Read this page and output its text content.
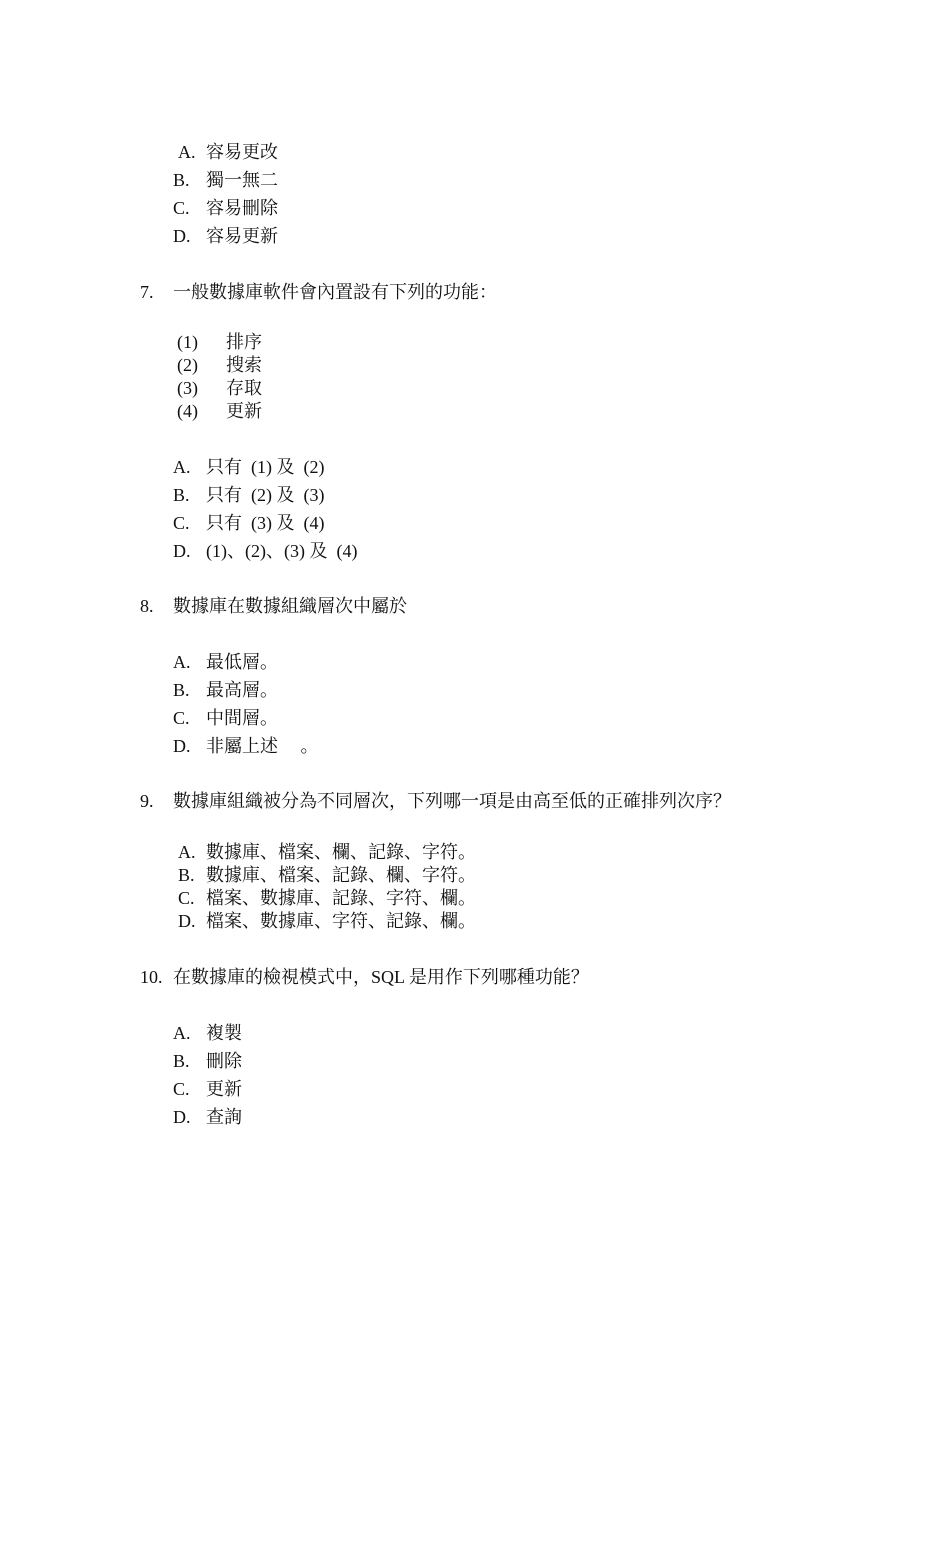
A. 容易更改
B. 獨一無二
C. 容易刪除
D. 容易更新
7. 一般數據庫軟件會內置設有下列的功能：
(1) 排序
(2) 搜索
(3) 存取
(4) 更新
A. 只有  (1) 及  (2)
B. 只有  (2) 及  (3)
C. 只有  (3) 及  (4)
D. (1)、(2)、(3) 及  (4)
8. 數據庫在數據組織層次中屬於
A. 最低層。
B. 最高層。
C. 中間層。
D. 非屬上述     。
9. 數據庫組織被分為不同層次，下列哪一項是由高至低的正確排列次序？
A. 數據庫、檔案、欄、記錄、字符。
B. 數據庫、檔案、記錄、欄、字符。
C. 檔案、數據庫、記錄、字符、欄。
D. 檔案、數據庫、字符、記錄、欄。
10. 在數據庫的檢視模式中，SQL 是用作下列哪種功能？
A. 複製
B. 刪除
C. 更新
D. 查詢
